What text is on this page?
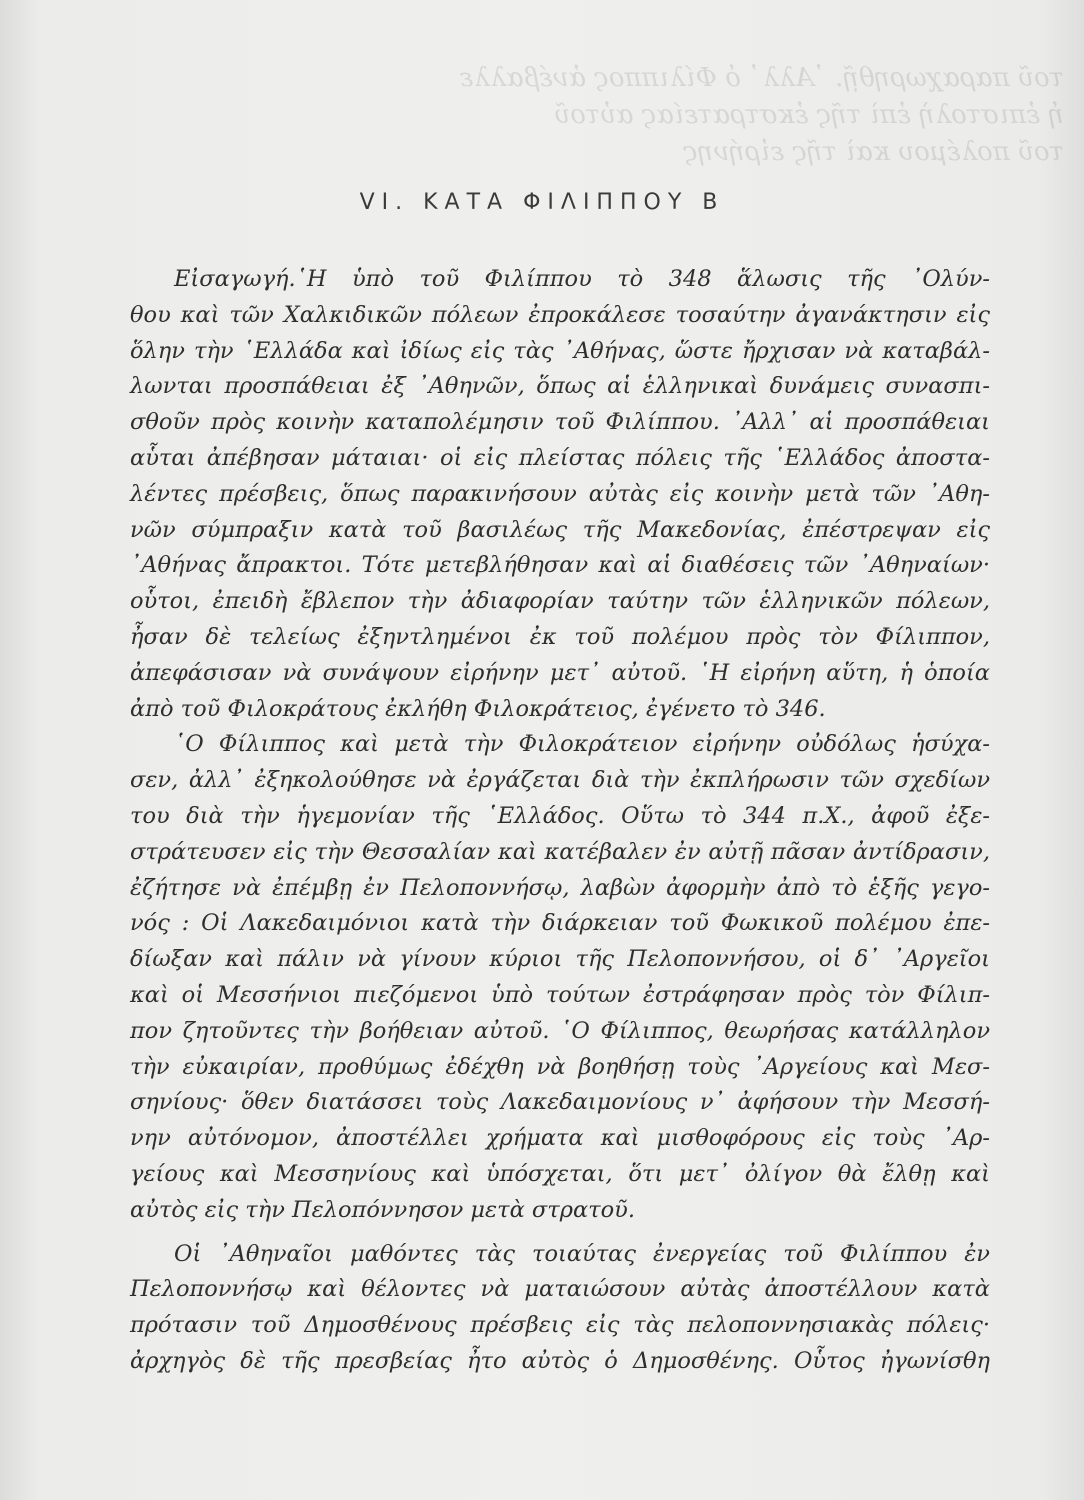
τοῦ παραχωρηθῇ. ᾿Αλλ᾿ ὁ Φίλιππος ἀνέβαλλε
ἡ ἐπιστολὴ ἐπὶ τῆς ἐκστρατείας αὐτοῦ
τοῦ πολέμου καὶ τῆς εἰρήνης
VI. ΚΑΤΑ ΦΙΛΙΠΠΟΥ Β
Εἰσαγωγή.῾Η ὑπὸ τοῦ Φιλίππου τὸ 348 ἅλωσις τῆς ᾿Ολύν-
θου καὶ τῶν Χαλκιδικῶν πόλεων ἐπροκάλεσε τοσαύτην ἀγανάκτησιν εἰς
ὅλην τὴν ῾Ελλάδα καὶ ἰδίως εἰς τὰς ᾿Αθήνας, ὥστε ἤρχισαν νὰ καταβάλ-
λωνται προσπάθειαι ἐξ ᾿Αθηνῶν, ὅπως αἱ ἑλληνικαὶ δυνάμεις συνασπι-
σθοῦν πρὸς κοινὴν καταπολέμησιν τοῦ Φιλίππου. ᾿Αλλ᾿ αἱ προσπάθειαι
αὗται ἀπέβησαν μάταιαι· οἱ εἰς πλείστας πόλεις τῆς ῾Ελλάδος ἀποστα-
λέντες πρέσβεις, ὅπως παρακινήσουν αὐτὰς εἰς κοινὴν μετὰ τῶν ᾿Αθη-
νῶν σύμπραξιν κατὰ τοῦ βασιλέως τῆς Μακεδονίας, ἐπέστρεψαν εἰς
᾿Αθήνας ἄπρακτοι. Τότε μετεβλήθησαν καὶ αἱ διαθέσεις τῶν ᾿Αθηναίων·
οὗτοι, ἐπειδὴ ἔβλεπον τὴν ἀδιαφορίαν ταύτην τῶν ἑλληνικῶν πόλεων,
ἦσαν δὲ τελείως ἐξηντλημένοι ἐκ τοῦ πολέμου πρὸς τὸν Φίλιππον,
ἀπεφάσισαν νὰ συνάψουν εἰρήνην μετ᾿ αὐτοῦ. ῾Η εἰρήνη αὕτη, ἡ ὁποία
ἀπὸ τοῦ Φιλοκράτους ἐκλήθη Φιλοκράτειος, ἐγένετο τὸ 346.
῾Ο Φίλιππος καὶ μετὰ τὴν Φιλοκράτειον εἰρήνην οὐδόλως ἡσύχα-
σεν, ἀλλ᾿ ἐξηκολούθησε νὰ ἐργάζεται διὰ τὴν ἐκπλήρωσιν τῶν σχεδίων
του διὰ τὴν ἡγεμονίαν τῆς ῾Ελλάδος. Οὕτω τὸ 344 π.Χ., ἀφοῦ ἐξε-
στράτευσεν εἰς τὴν Θεσσαλίαν καὶ κατέβαλεν ἐν αὐτῇ πᾶσαν ἀντίδρασιν,
ἐζήτησε νὰ ἐπέμβῃ ἐν Πελοποννήσῳ, λαβὼν ἀφορμὴν ἀπὸ τὸ ἑξῆς γεγο-
νός : Οἱ Λακεδαιμόνιοι κατὰ τὴν διάρκειαν τοῦ Φωκικοῦ πολέμου ἐπε-
δίωξαν καὶ πάλιν νὰ γίνουν κύριοι τῆς Πελοποννήσου, οἱ δ᾿ ᾿Αργεῖοι
καὶ οἱ Μεσσήνιοι πιεζόμενοι ὑπὸ τούτων ἐστράφησαν πρὸς τὸν Φίλιπ-
πον ζητοῦντες τὴν βοήθειαν αὐτοῦ. ῾Ο Φίλιππος, θεωρήσας κατάλληλον
τὴν εὐκαιρίαν, προθύμως ἐδέχθη νὰ βοηθήσῃ τοὺς ᾿Αργείους καὶ Μεσ-
σηνίους· ὅθεν διατάσσει τοὺς Λακεδαιμονίους ν᾿ ἀφήσουν τὴν Μεσσή-
νην αὐτόνομον, ἀποστέλλει χρήματα καὶ μισθοφόρους εἰς τοὺς ᾿Αρ-
γείους καὶ Μεσσηνίους καὶ ὑπόσχεται, ὅτι μετ᾿ ὀλίγον θὰ ἔλθῃ καὶ
αὐτὸς εἰς τὴν Πελοπόννησον μετὰ στρατοῦ.
Οἱ ᾿Αθηναῖοι μαθόντες τὰς τοιαύτας ἐνεργείας τοῦ Φιλίππου ἐν
Πελοποννήσῳ καὶ θέλοντες νὰ ματαιώσουν αὐτὰς ἀποστέλλουν κατὰ
πρότασιν τοῦ Δημοσθένους πρέσβεις εἰς τὰς πελοποννησιακὰς πόλεις·
ἀρχηγὸς δὲ τῆς πρεσβείας ἦτο αὐτὸς ὁ Δημοσθένης. Οὗτος ἠγωνίσθη
